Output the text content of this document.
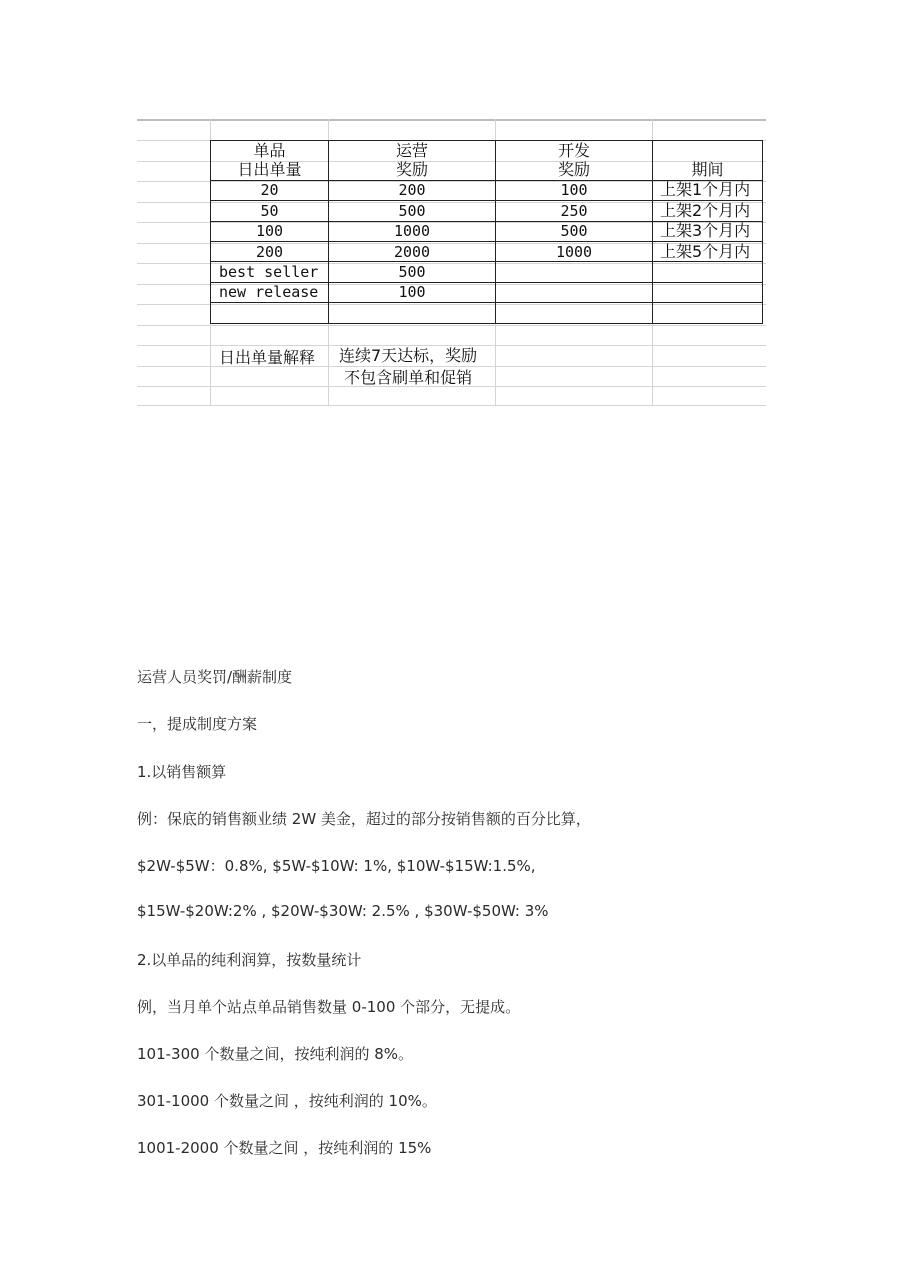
单品	运营	开发	
日出单量	奖励	奖励	期间
20	200	100	上架1个月内
50	500	250	上架2个月内
100	1000	500	上架3个月内
200	2000	1000	上架5个月内
best seller	500		
new release	100		

日出单量解释 连续7天达标，奖励
不包含刷单和促销
运营人员奖罚/酬薪制度
一，提成制度方案
1.以销售额算
例：保底的销售额业绩 2W 美金，超过的部分按销售额的百分比算，
$2W-$5W：0.8%, $5W-$10W: 1%, $10W-$15W:1.5%,
$15W-$20W:2% , $20W-$30W: 2.5% , $30W-$50W: 3%
2.以单品的纯利润算，按数量统计
例，当月单个站点单品销售数量 0-100 个部分，无提成。
101-300 个数量之间，按纯利润的 8%。
301-1000 个数量之间 ，按纯利润的 10%。
1001-2000 个数量之间 ，按纯利润的 15%
